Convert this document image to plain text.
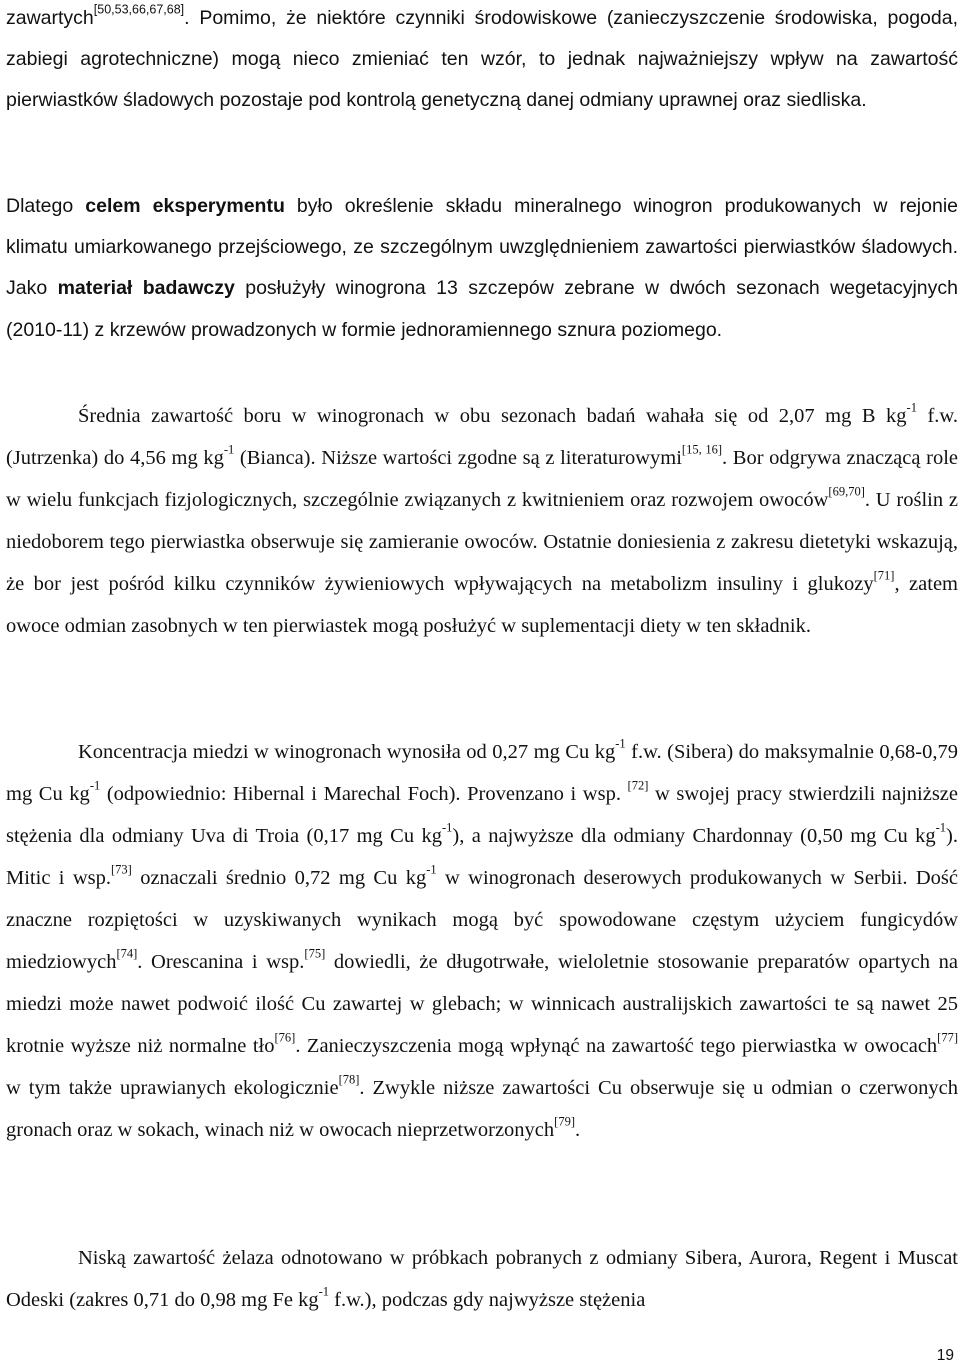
zawartych[50,53,66,67,68]. Pomimo, że niektóre czynniki środowiskowe (zanieczyszczenie środowiska, pogoda, zabiegi agrotechniczne) mogą nieco zmieniać ten wzór, to jednak najważniejszy wpływ na zawartość pierwiastków śladowych pozostaje pod kontrolą genetyczną danej odmiany uprawnej oraz siedliska.

Dlatego celem eksperymentu było określenie składu mineralnego winogron produkowanych w rejonie klimatu umiarkowanego przejściowego, ze szczególnym uwzględnieniem zawartości pierwiastków śladowych. Jako materiał badawczy posłużyły winogrona 13 szczepów zebrane w dwóch sezonach wegetacyjnych (2010-11) z krzewów prowadzonych w formie jednoramiennego sznura poziomego.

Średnia zawartość boru w winogronach w obu sezonach badań wahała się od 2,07 mg B $kg^{-1}$ f.w. (Jutrzenka) do 4,56 mg $kg^{-1}$ (Bianca). Niższe wartości zgodne są z literaturowymi[15, 16]. Bor odgrywa znaczącą role w wielu funkcjach fizjologicznych, szczególnie związanych z kwitnieniem oraz rozwojem owoców[69,70]. U roślin z niedoborem tego pierwiastka obserwuje się zamieranie owoców. Ostatnie doniesienia z zakresu dietetyki wskazują, że bor jest pośród kilku czynników żywieniowych wpływających na metabolizm insuliny i glukozy[71], zatem owoce odmian zasobnych w ten pierwiastek mogą posłużyć w suplementacji diety w ten składnik.

Koncentracja miedzi w winogronach wynosiła od 0,27 mg Cu $kg^{-1}$ f.w. (Sibera) do maksymalnie 0,68-0,79 mg Cu $kg^{-1}$ (odpowiednio: Hibernal i Marechal Foch). Provenzano i wsp. [72] w swojej pracy stwierdzili najniższe stężenia dla odmiany Uva di Troia (0,17 mg Cu $kg^{-1}$), a najwyższe dla odmiany Chardonnay (0,50 mg Cu $kg^{-1}$). Mitic i wsp.[73] oznaczali średnio 0,72 mg Cu $kg^{-1}$ w winogronach deserowych produkowanych w Serbii. Dość znaczne rozpiętości w uzyskiwanych wynikach mogą być spowodowane częstym użyciem fungicydów miedziowych[74]. Orescanina i wsp.[75] dowiedli, że długotrwałe, wieloletnie stosowanie preparatów opartych na miedzi może nawet podwoić ilość Cu zawartej w glebach; w winnicach australijskich zawartości te są nawet 25 krotnie wyższe niż normalne tło[76]. Zanieczyszczenia mogą wpłynąć na zawartość tego pierwiastka w owocach[77] w tym także uprawianych ekologicznie[78]. Zwykle niższe zawartości Cu obserwuje się u odmian o czerwonych gronach oraz w sokach, winach niż w owocach nieprzetworzonych[79].

Niską zawartość żelaza odnotowano w próbkach pobranych z odmiany Sibera, Aurora, Regent i Muscat Odeski (zakres 0,71 do 0,98 mg Fe $kg^{-1}$ f.w.), podczas gdy najwyższe stężenia

19
